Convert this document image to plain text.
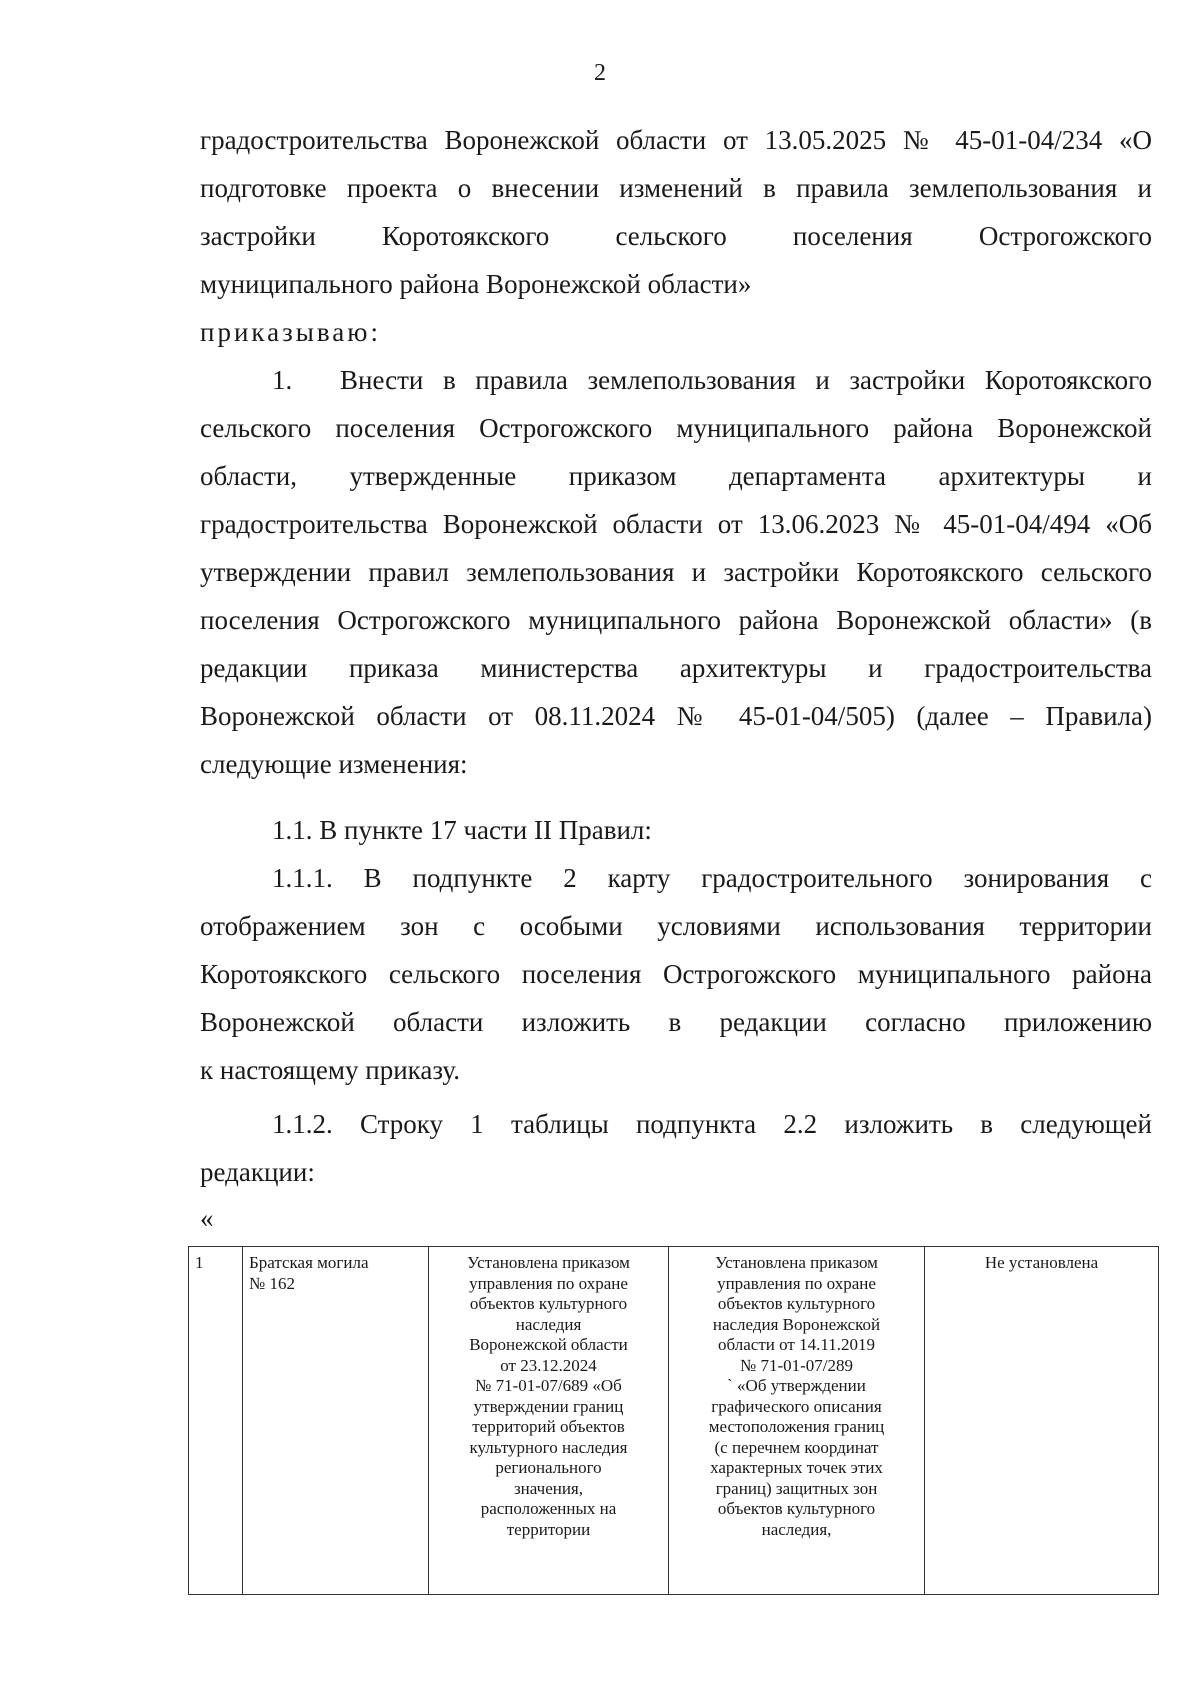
2

градостроительства Воронежской области от 13.05.2025 № 45-01-04/234 «О

подготовке проекта о внесении изменений в правила землепользования и

застройки Коротоякского сельского поселения Острогожского

муниципального района Воронежской области»

приказываю:

1. Внести в правила землепользования и застройки Коротоякского

сельского поселения Острогожского муниципального района Воронежской

области, утвержденные приказом департамента архитектуры и

градостроительства Воронежской области от 13.06.2023 № 45-01-04/494 «Об

утверждении правил землепользования и застройки Коротоякского сельского

поселения Острогожского муниципального района Воронежской области» (в

редакции приказа министерства архитектуры и градостроительства

Воронежской области от 08.11.2024 № 45-01-04/505) (далее – Правила)

следующие изменения:

1.1. В пункте 17 части II Правил:

1.1.1. В подпункте 2 карту градостроительного зонирования с

отображением зон с особыми условиями использования территории

Коротоякского сельского поселения Острогожского муниципального района

Воронежской области изложить в редакции согласно приложению

к настоящему приказу.

1.1.2. Строку 1 таблицы подпункта 2.2 изложить в следующей

редакции:

«
1	Братская могила
№ 162	Установлена приказом
управления по охране
объектов культурного
наследия
Воронежской области
от 23.12.2024
№ 71-01-07/689 «Об
утверждении границ
территорий объектов
культурного наследия
регионального
значения,
расположенных на
территории	Установлена приказом
управления по охране
объектов культурного
наследия Воронежской
области от 14.11.2019
№ 71-01-07/289
` «Об утверждении
графического описания
местоположения границ
(с перечнем координат
характерных точек этих
границ) защитных зон
объектов культурного
наследия,	Не установлена
